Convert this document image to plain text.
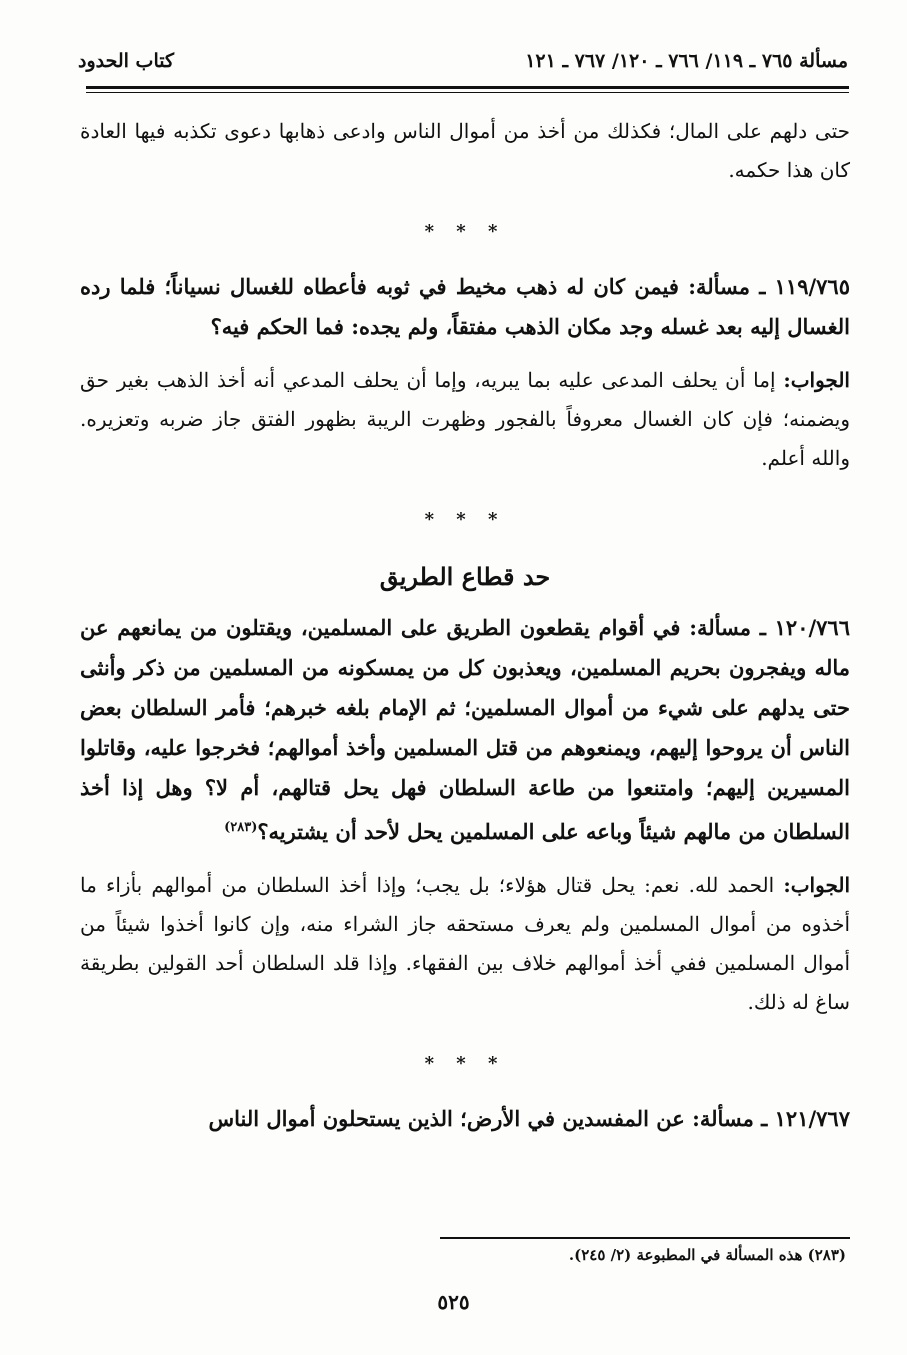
مسألة ٧٦٥ ـ ١١٩/ ٧٦٦ ـ ١٢٠/ ٧٦٧ ـ ١٢١
كتاب الحدود

حتى دلهم على المال؛ فكذلك من أخذ من أموال الناس وادعى ذهابها دعوى تكذبه فيها العادة كان هذا حكمه.

* * *

١١٩/٧٦٥ ـ مسألة: فيمن كان له ذهب مخيط في ثوبه فأعطاه للغسال نسياناً؛ فلما رده الغسال إليه بعد غسله وجد مكان الذهب مفتقاً، ولم يجده: فما الحكم فيه؟

الجواب: إما أن يحلف المدعى عليه بما يبريه، وإما أن يحلف المدعي أنه أخذ الذهب بغير حق ويضمنه؛ فإن كان الغسال معروفاً بالفجور وظهرت الريبة بظهور الفتق جاز ضربه وتعزيره. والله أعلم.

* * *
حد قطاع الطريق

١٢٠/٧٦٦ ـ مسألة: في أقوام يقطعون الطريق على المسلمين، ويقتلون من يمانعهم عن ماله ويفجرون بحريم المسلمين، ويعذبون كل من يمسكونه من المسلمين من ذكر وأنثى حتى يدلهم على شيء من أموال المسلمين؛ ثم الإمام بلغه خبرهم؛ فأمر السلطان بعض الناس أن يروحوا إليهم، ويمنعوهم من قتل المسلمين وأخذ أموالهم؛ فخرجوا عليه، وقاتلوا المسيرين إليهم؛ وامتنعوا من طاعة السلطان فهل يحل قتالهم، أم لا؟ وهل إذا أخذ السلطان من مالهم شيئاً وباعه على المسلمين يحل لأحد أن يشتريه؟$^{(٢٨٣)}$

الجواب: الحمد لله. نعم: يحل قتال هؤلاء؛ بل يجب؛ وإذا أخذ السلطان من أموالهم بأزاء ما أخذوه من أموال المسلمين ولم يعرف مستحقه جاز الشراء منه، وإن كانوا أخذوا شيئاً من أموال المسلمين ففي أخذ أموالهم خلاف بين الفقهاء. وإذا قلد السلطان أحد القولين بطريقة ساغ له ذلك.

* * *

١٢١/٧٦٧ ـ مسألة: عن المفسدين في الأرض؛ الذين يستحلون أموال الناس

(٢٨٣) هذه المسألة في المطبوعة (٢/ ٢٤٥).
٥٢٥
